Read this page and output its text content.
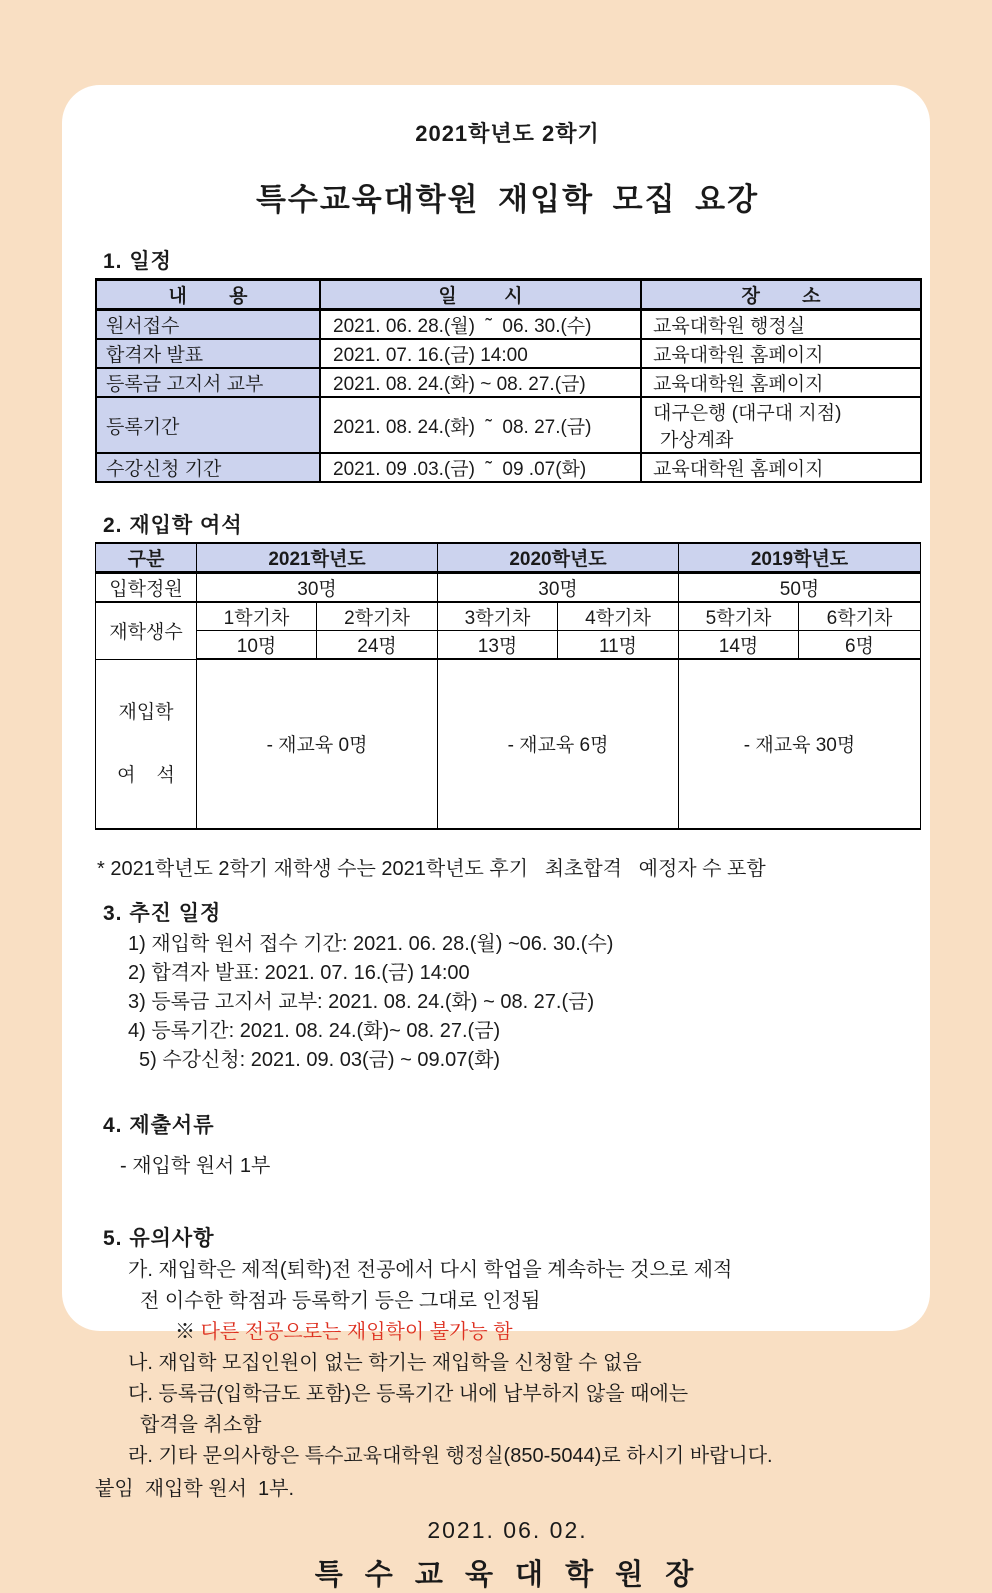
2021학년도 2학기
특수교육대학원 재입학 모집 요강
1. 일정
내        용	일         시	장        소
원서접수	2021. 06. 28.(월)  ˜  06. 30.(수)	교육대학원 행정실
합격자 발표	2021. 07. 16.(금) 14:00	교육대학원 홈페이지
등록금 고지서 교부	2021. 08. 24.(화) ~ 08. 27.(금)	교육대학원 홈페이지
등록기간	2021. 08. 24.(화)  ˜  08. 27.(금)	대구은행 (대구대 지점)
가상계좌

수강신청 기간	2021. 09 .03.(금)  ˜  09 .07(화)	교육대학원 홈페이지
2. 재입학 여석
구분	2021학년도		2020학년도		2019학년도	
입학정원	30명		30명		50명	
재학생수	1학기차	2학기차	3학기차	4학기차	5학기차	6학기차
	10명	24명	13명	11명	14명	6명

재입학

여    석	- 재교육 0명		- 재교육 6명		- 재교육 30명	
* 2021학년도 2학기 재학생 수는 2021학년도 후기   최초합격   예정자 수 포함
3. 추진 일정
1) 재입학 원서 접수 기간: 2021. 06. 28.(월) ~06. 30.(수)
2) 합격자 발표: 2021. 07. 16.(금) 14:00
3) 등록금 고지서 교부: 2021. 08. 24.(화) ~ 08. 27.(금)
4) 등록기간: 2021. 08. 24.(화)~ 08. 27.(금)
5) 수강신청: 2021. 09. 03(금) ~ 09.07(화)
4. 제출서류
- 재입학 원서 1부
5. 유의사항
가. 재입학은 제적(퇴학)전 전공에서 다시 학업을 계속하는 것으로 제적
전 이수한 학점과 등록학기 등은 그대로 인정됨
※ 다른 전공으로는 재입학이 불가능 함
나. 재입학 모집인원이 없는 학기는 재입학을 신청할 수 없음
다. 등록금(입학금도 포함)은 등록기간 내에 납부하지 않을 때에는
합격을 취소함
라. 기타 문의사항은 특수교육대학원 행정실(850-5044)로 하시기 바랍니다.
붙임  재입학 원서  1부.
2021. 06. 02.
특 수 교 육 대 학 원 장
